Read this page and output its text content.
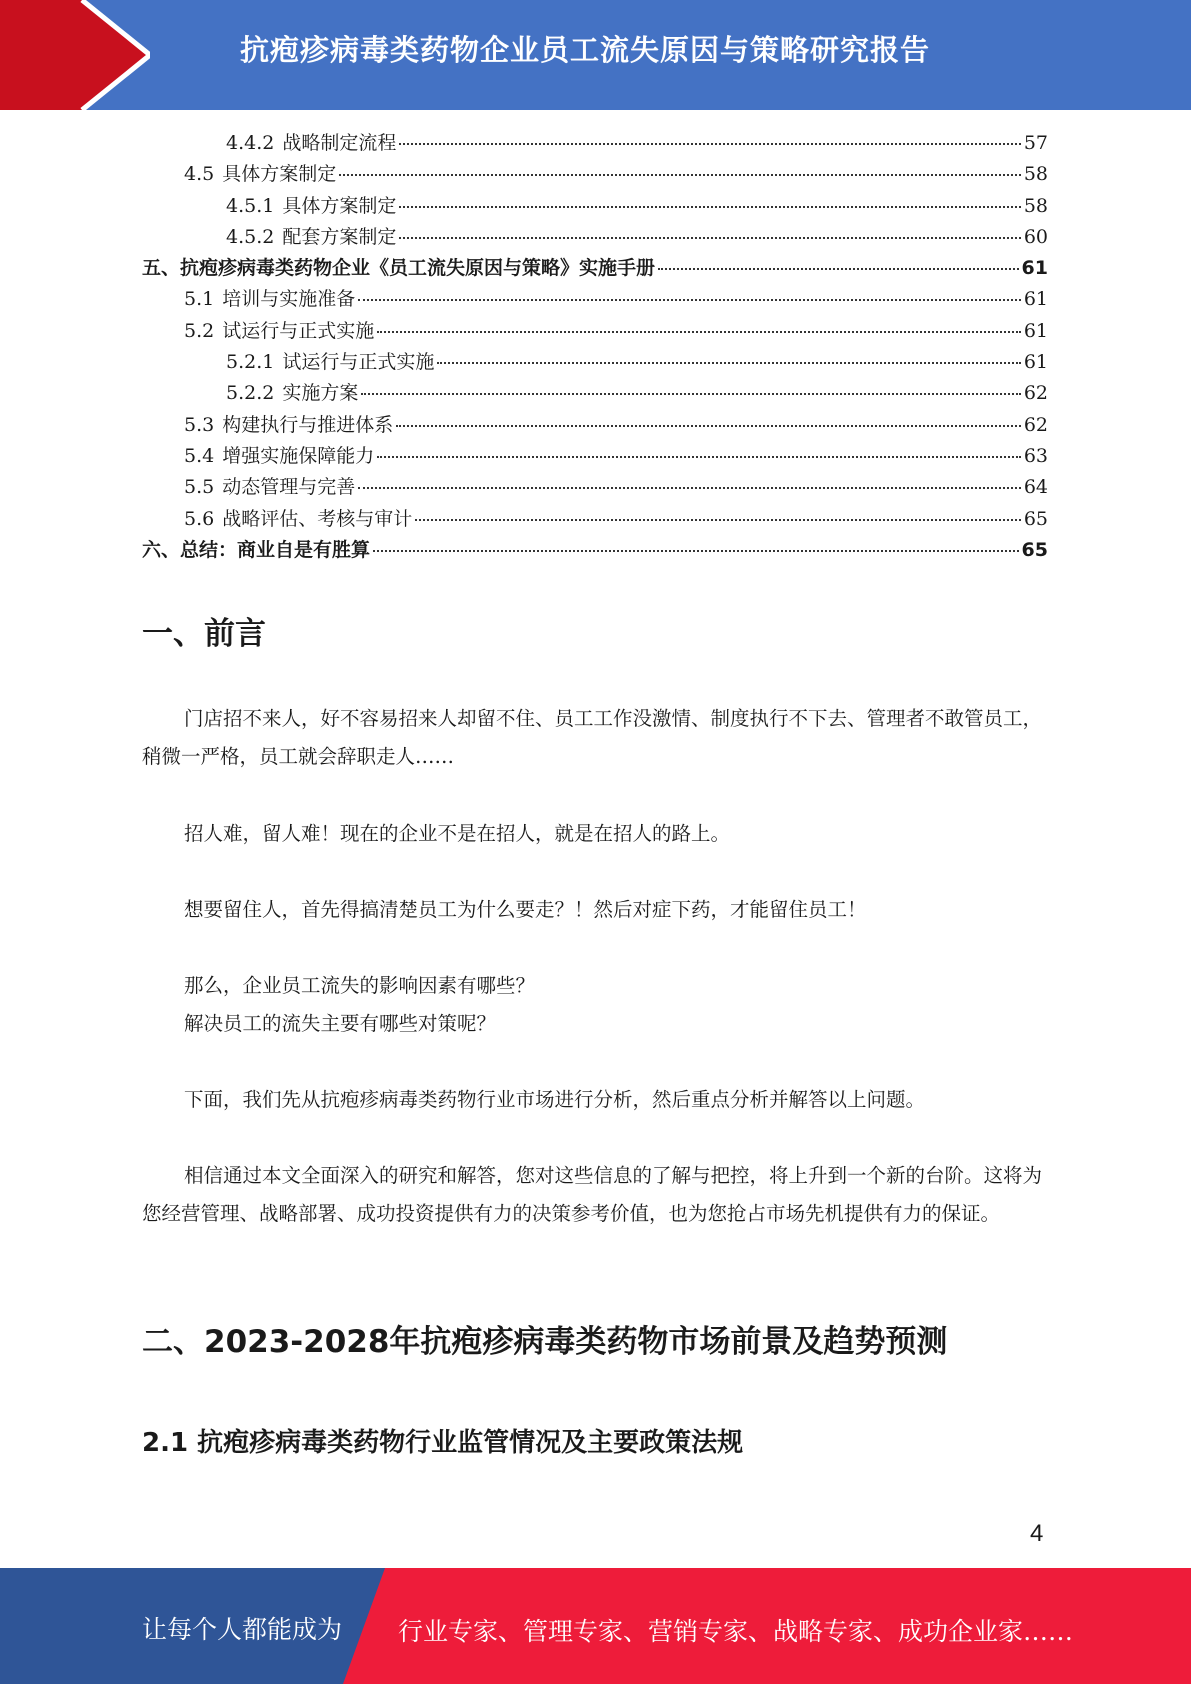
抗疱疹病毒类药物企业员工流失原因与策略研究报告
4.4.2 战略制定流程	57
4.5 具体方案制定	58
4.5.1 具体方案制定	58
4.5.2 配套方案制定	60
五、抗疱疹病毒类药物企业《员工流失原因与策略》实施手册	61
5.1 培训与实施准备	61
5.2 试运行与正式实施	61
5.2.1 试运行与正式实施	61
5.2.2 实施方案	62
5.3 构建执行与推进体系	62
5.4 增强实施保障能力	63
5.5 动态管理与完善	64
5.6 战略评估、考核与审计	65
六、总结：商业自是有胜算	65
一、前言
门店招不来人，好不容易招来人却留不住、员工工作没激情、制度执行不下去、管理者不敢管员工，稍微一严格，员工就会辞职走人……
招人难，留人难！现在的企业不是在招人，就是在招人的路上。
想要留住人，首先得搞清楚员工为什么要走？！然后对症下药，才能留住员工！
那么，企业员工流失的影响因素有哪些？
解决员工的流失主要有哪些对策呢？
下面，我们先从抗疱疹病毒类药物行业市场进行分析，然后重点分析并解答以上问题。
相信通过本文全面深入的研究和解答，您对这些信息的了解与把控，将上升到一个新的台阶。这将为您经营管理、战略部署、成功投资提供有力的决策参考价值，也为您抢占市场先机提供有力的保证。
二、2023-2028年抗疱疹病毒类药物市场前景及趋势预测
2.1 抗疱疹病毒类药物行业监管情况及主要政策法规
4
让每个人都能成为 行业专家、管理专家、营销专家、战略专家、成功企业家……
